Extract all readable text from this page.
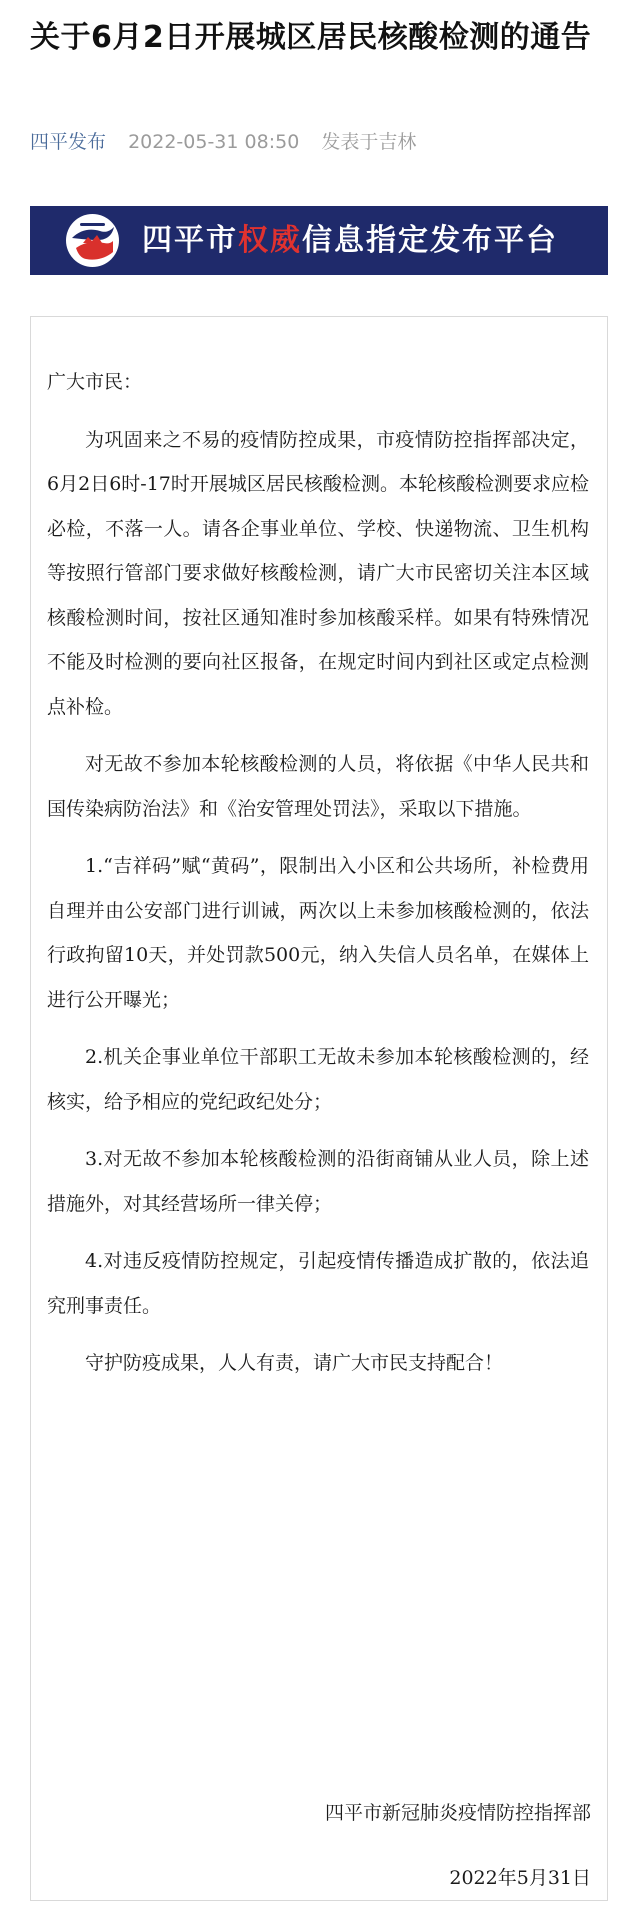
关于6月2日开展城区居民核酸检测的通告
四平发布 2022-05-31 08:50 发表于吉林
四平市权威信息指定发布平台

广大市民：

为巩固来之不易的疫情防控成果，市疫情防控指挥部决定，6月2日6时-17时开展城区居民核酸检测。本轮核酸检测要求应检必检，不落一人。请各企事业单位、学校、快递物流、卫生机构等按照行管部门要求做好核酸检测，请广大市民密切关注本区域核酸检测时间，按社区通知准时参加核酸采样。如果有特殊情况不能及时检测的要向社区报备，在规定时间内到社区或定点检测点补检。

对无故不参加本轮核酸检测的人员，将依据《中华人民共和国传染病防治法》和《治安管理处罚法》，采取以下措施。

1.“吉祥码”赋“黄码”，限制出入小区和公共场所，补检费用自理并由公安部门进行训诫，两次以上未参加核酸检测的，依法行政拘留10天，并处罚款500元，纳入失信人员名单，在媒体上进行公开曝光；

2.机关企事业单位干部职工无故未参加本轮核酸检测的，经核实，给予相应的党纪政纪处分；

3.对无故不参加本轮核酸检测的沿街商铺从业人员，除上述措施外，对其经营场所一律关停；

4.对违反疫情防控规定，引起疫情传播造成扩散的，依法追究刑事责任。

守护防疫成果，人人有责，请广大市民支持配合！

四平市新冠肺炎疫情防控指挥部
2022年5月31日
